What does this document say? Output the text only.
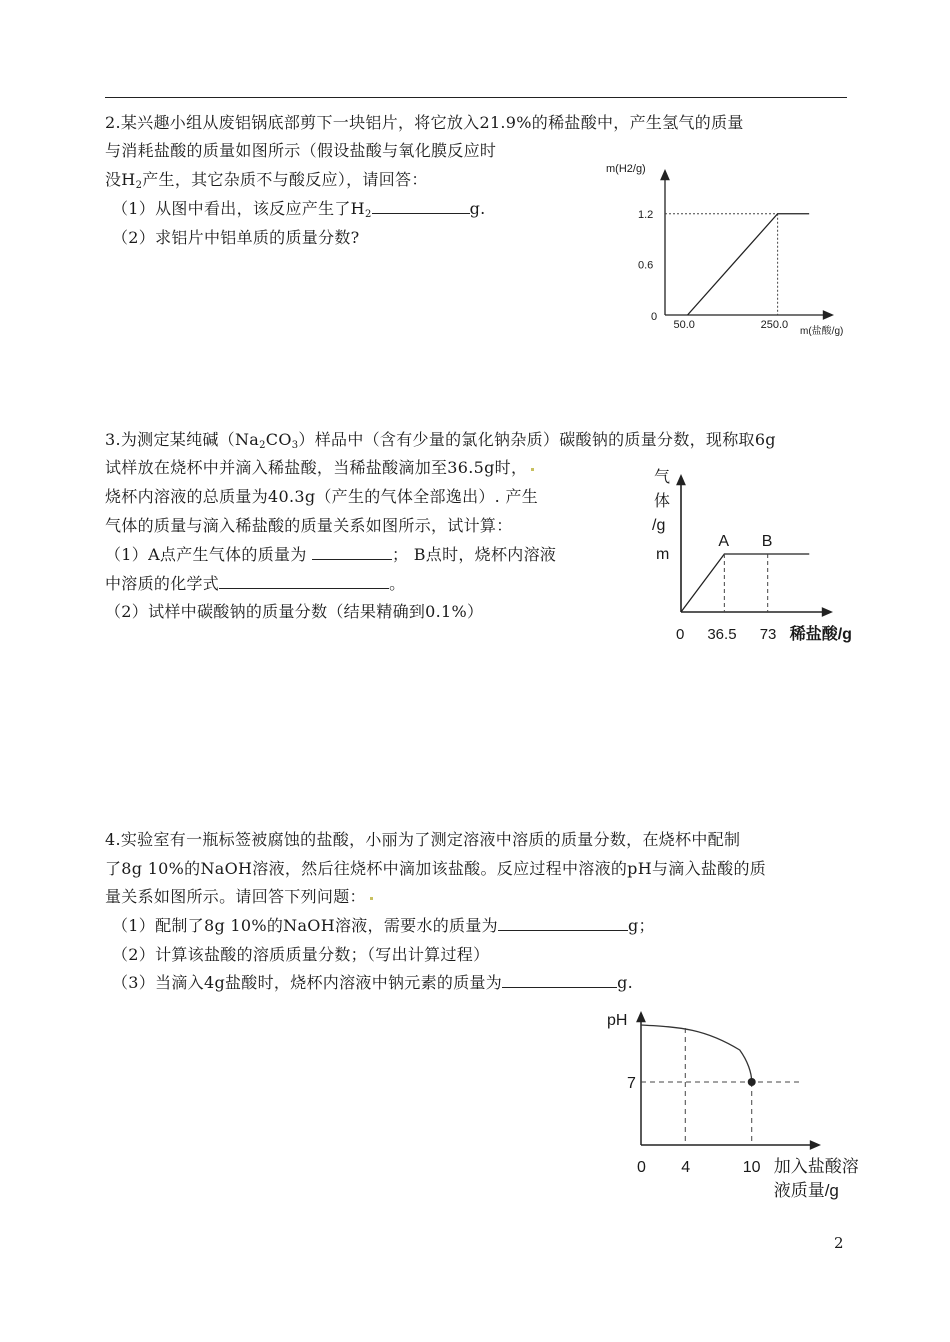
2.某兴趣小组从废铝锅底部剪下一块铝片，将它放入21.9%的稀盐酸中，产生氢气的质量
与消耗盐酸的质量如图所示（假设盐酸与氧化膜反应时
没$H_2$产生，其它杂质不与酸反应），请回答：
（1）从图中看出，该反应产生了$H_2$	g.
（2）求铝片中铝单质的质量分数?
0
0.6
1.2
50.0	250.0
m(H2/g)
m(盐酸/g)
3.为测定某纯碱$(Na_2CO_3)$样品中（含有少量的氯化钠杂质）碳酸钠的质量分数，现称取6g
试样放在烧杯中并滴入稀盐酸，当稀盐酸滴加至36.5g时，
烧杯内溶液的总质量为40.3g（产生的气体全部逸出）. 产生
气体的质量与滴入稀盐酸的质量关系如图所示，试计算：
（1）A点产生气体的质量为	； B点时，烧杯内溶液
中溶质的化学式	。
（2）试样中碳酸钠的质量分数（结果精确到0.1%）
A B
m
0 36.5 73 稀盐酸/g
气
体
/g
4.实验室有一瓶标签被腐蚀的盐酸，小丽为了测定溶液中溶质的质量分数，在烧杯中配制
了8g 10%的NaOH溶液，然后往烧杯中滴加该盐酸。反应过程中溶液的pH与滴入盐酸的质
量关系如图所示。请回答下列问题：
（1）配制了8g 10%的NaOH溶液，需要水的质量为	g；
（2）计算该盐酸的溶质质量分数；（写出计算过程）
（3）当滴入4g盐酸时，烧杯内溶液中钠元素的质量为	g.
pH
7
0 4	10 加入盐酸溶
液质量/g
2
